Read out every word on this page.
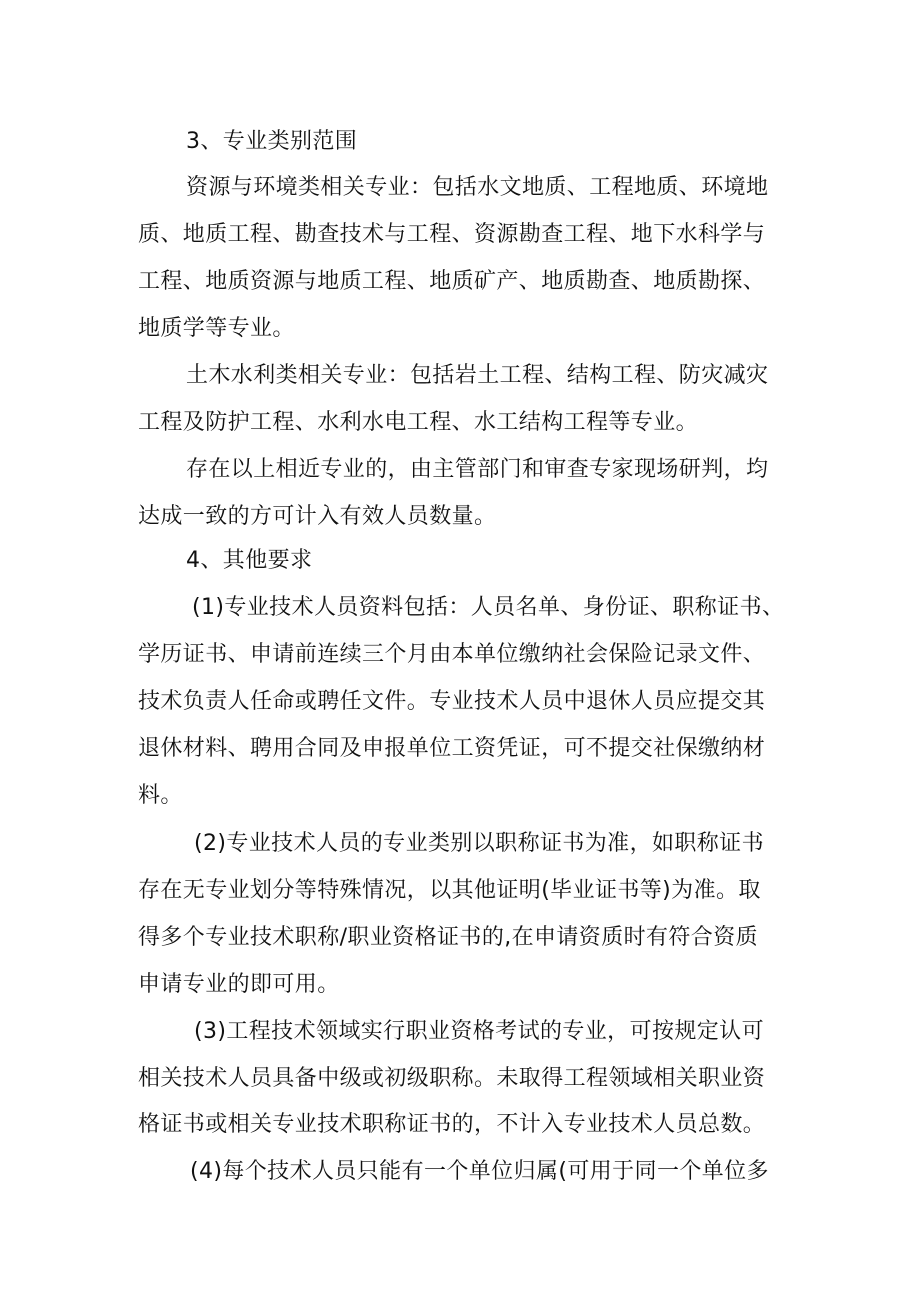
3、专业类别范围
资源与环境类相关专业：包括水文地质、工程地质、环境地
质、地质工程、勘查技术与工程、资源勘查工程、地下水科学与
工程、地质资源与地质工程、地质矿产、地质勘查、地质勘探、
地质学等专业。
土木水利类相关专业：包括岩土工程、结构工程、防灾减灾
工程及防护工程、水利水电工程、水工结构工程等专业。
存在以上相近专业的，由主管部门和审查专家现场研判，均
达成一致的方可计入有效人员数量。
4、其他要求
(1)专业技术人员资料包括：人员名单、身份证、职称证书、
学历证书、申请前连续三个月由本单位缴纳社会保险记录文件、
技术负责人任命或聘任文件。专业技术人员中退休人员应提交其
退休材料、聘用合同及申报单位工资凭证，可不提交社保缴纳材
料。
(2)专业技术人员的专业类别以职称证书为准，如职称证书
存在无专业划分等特殊情况，以其他证明(毕业证书等)为准。取
得多个专业技术职称/职业资格证书的,在申请资质时有符合资质
申请专业的即可用。
(3)工程技术领域实行职业资格考试的专业，可按规定认可
相关技术人员具备中级或初级职称。未取得工程领域相关职业资
格证书或相关专业技术职称证书的，不计入专业技术人员总数。
(4)每个技术人员只能有一个单位归属(可用于同一个单位多
